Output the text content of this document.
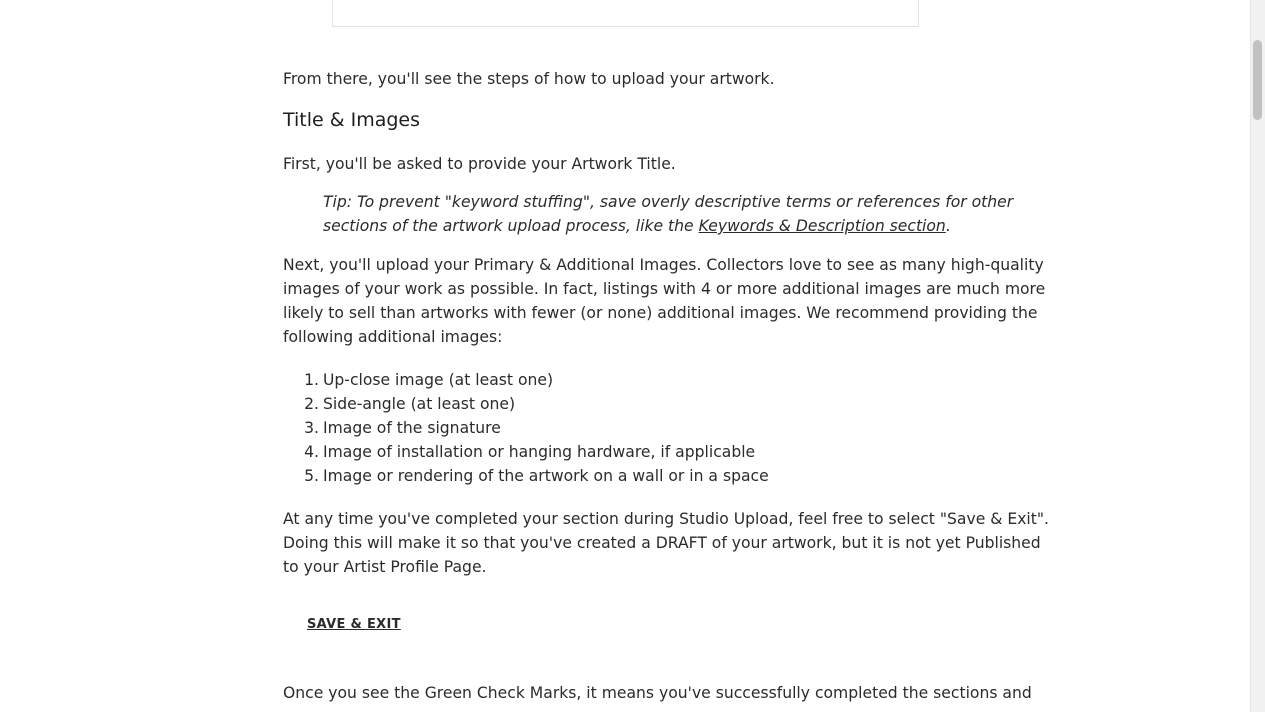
From there, you'll see the steps of how to upload your artwork.

Title & Images

First, you'll be asked to provide your Artwork Title.

Tip: To prevent "keyword stuffing", save overly descriptive terms or references for other
sections of the artwork upload process, like the Keywords & Description section.

Next, you'll upload your Primary & Additional Images. Collectors love to see as many high-quality
images of your work as possible. In fact, listings with 4 or more additional images are much more
likely to sell than artworks with fewer (or none) additional images. We recommend providing the
following additional images:

1. Up-close image (at least one)
2. Side-angle (at least one)
3. Image of the signature
4. Image of installation or hanging hardware, if applicable
5. Image or rendering of the artwork on a wall or in a space

At any time you've completed your section during Studio Upload, feel free to select "Save & Exit".
Doing this will make it so that you've created a DRAFT of your artwork, but it is not yet Published
to your Artist Profile Page.

SAVE & EXIT

Once you see the Green Check Marks, it means you've successfully completed the sections and
